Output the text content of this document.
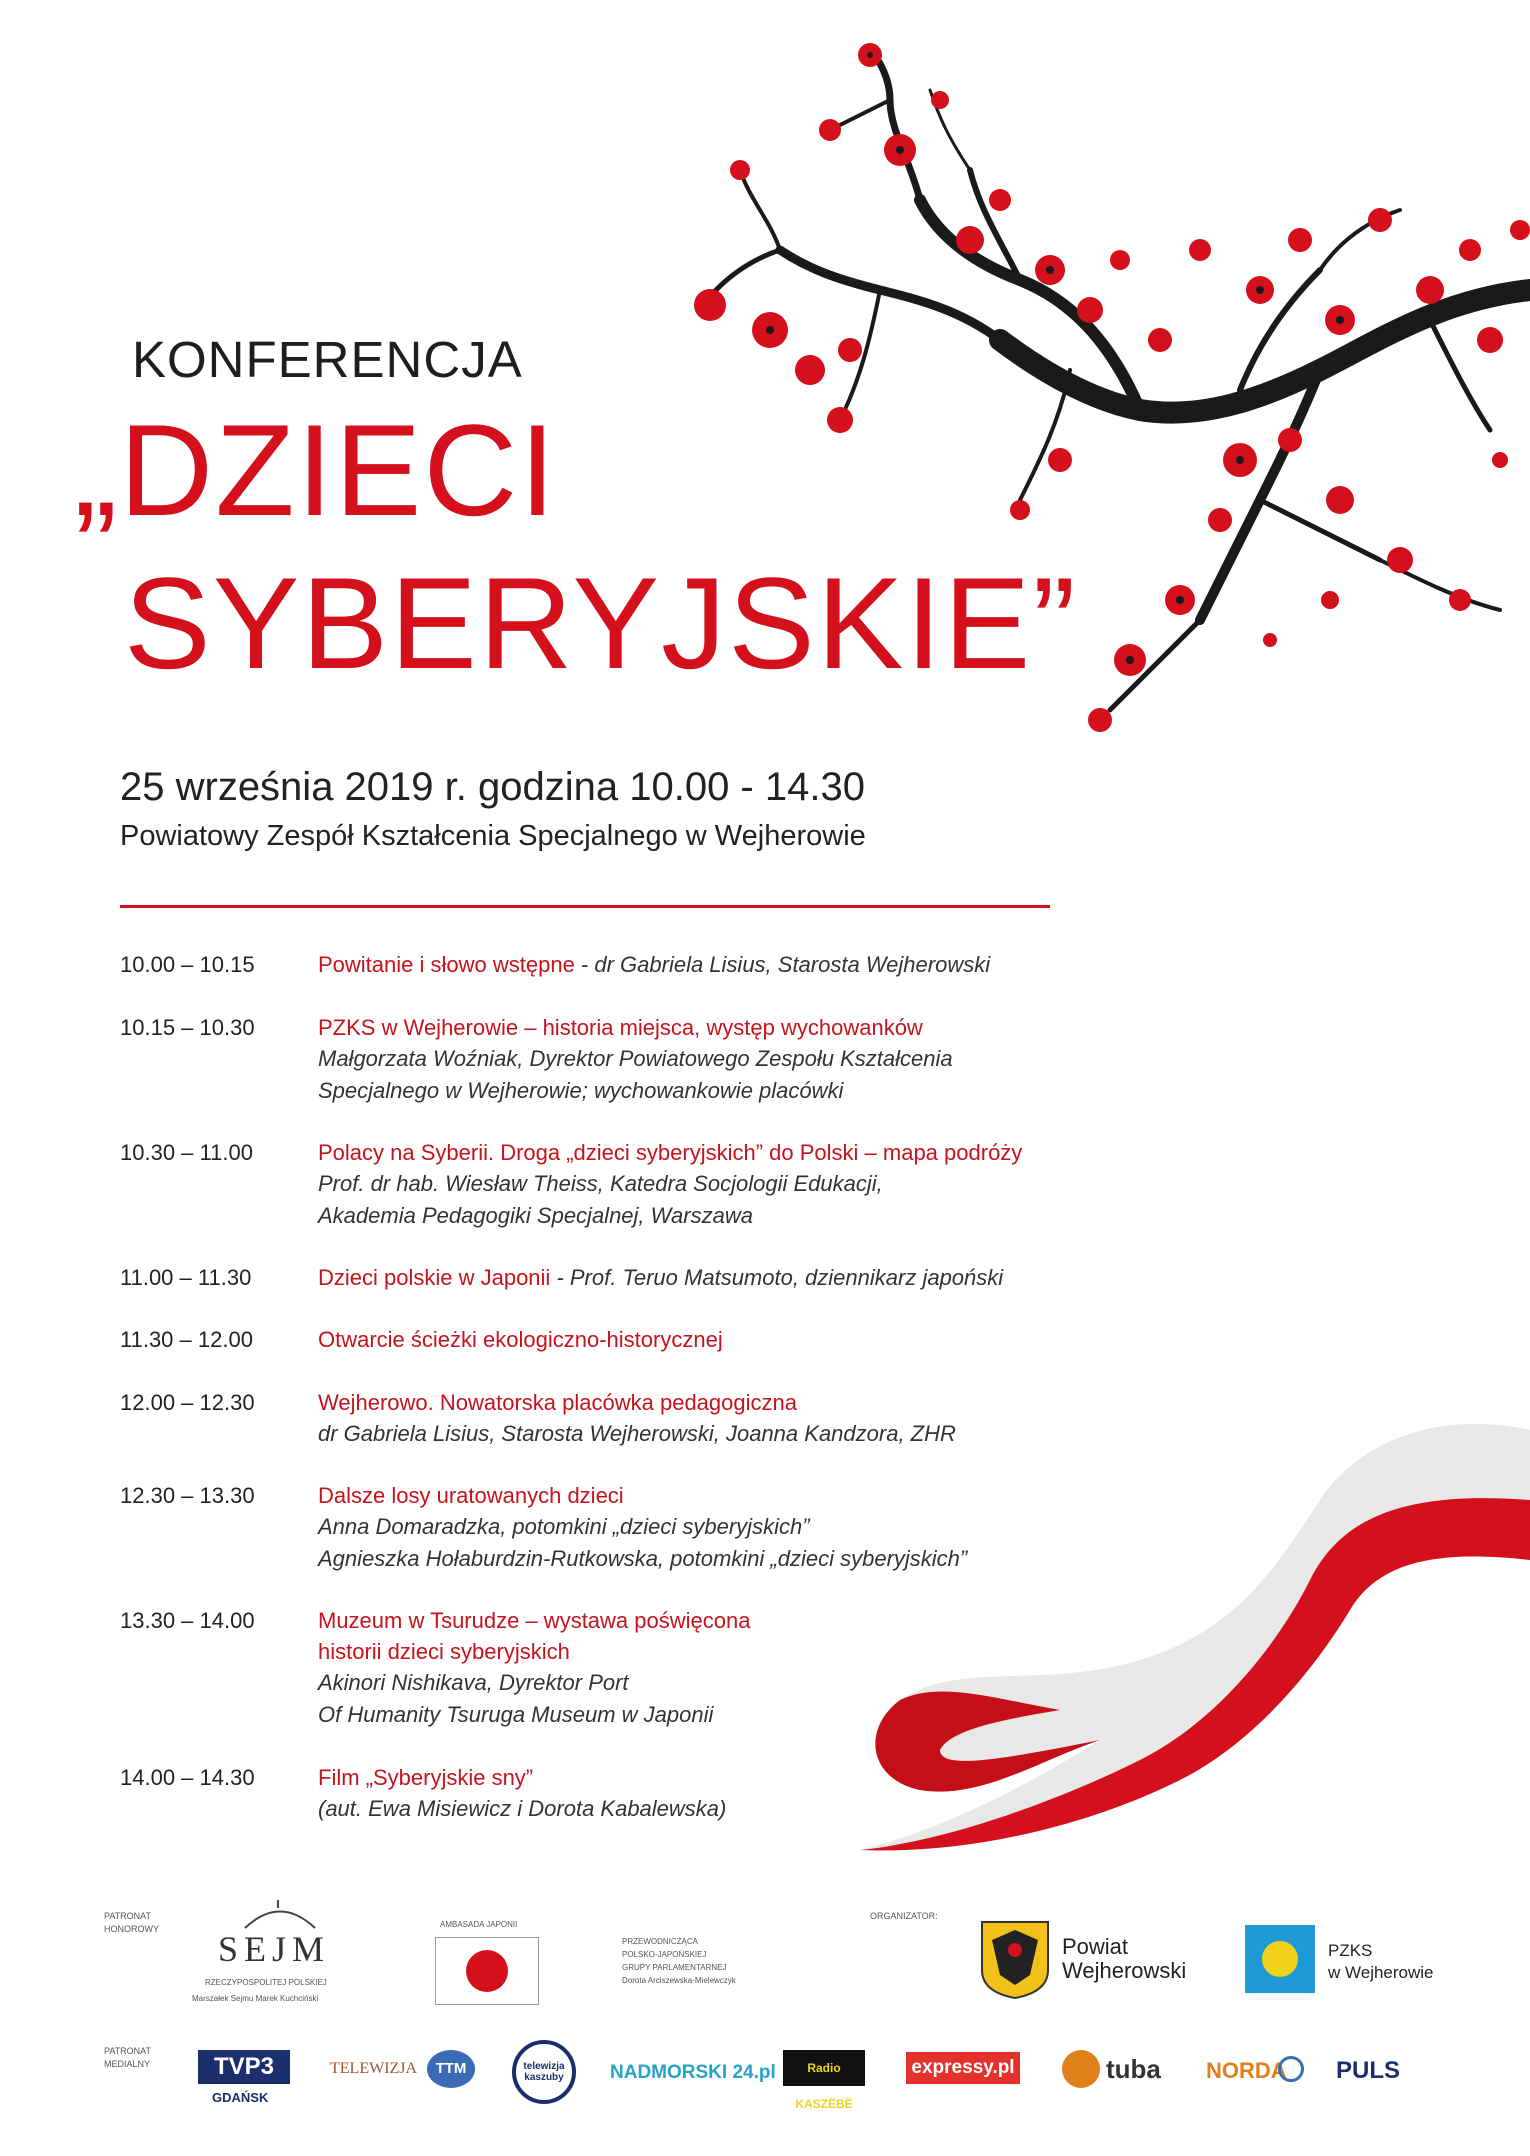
KONFERENCJA
„DZIECI
SYBERYJSKIE”
25 września 2019 r. godzina 10.00 - 14.30
Powiatowy Zespół Kształcenia Specjalnego w Wejherowie
10.00 – 10.15	Powitanie i słowo wstępne - dr Gabriela Lisius, Starosta Wejherowski
10.15 – 10.30	PZKS w Wejherowie – historia miejsca, występ wychowanków
Małgorzata Woźniak, Dyrektor Powiatowego Zespołu Kształcenia
Specjalnego w Wejherowie; wychowankowie placówki
10.30 – 11.00	Polacy na Syberii. Droga „dzieci syberyjskich” do Polski – mapa podróży
Prof. dr hab. Wiesław Theiss, Katedra Socjologii Edukacji,
Akademia Pedagogiki Specjalnej, Warszawa
11.00 – 11.30	Dzieci polskie w Japonii - Prof. Teruo Matsumoto, dziennikarz japoński
11.30 – 12.00	Otwarcie ścieżki ekologiczno-historycznej
12.00 – 12.30	Wejherowo. Nowatorska placówka pedagogiczna
dr Gabriela Lisius, Starosta Wejherowski, Joanna Kandzora, ZHR
12.30 – 13.30	Dalsze losy uratowanych dzieci
Anna Domaradzka, potomkini „dzieci syberyjskich”
Agnieszka Hołaburdzin-Rutkowska, potomkini „dzieci syberyjskich”
13.30 – 14.00	Muzeum w Tsurudze – wystawa poświęcona
historii dzieci syberyjskich
Akinori Nishikava, Dyrektor Port
Of Humanity Tsuruga Museum w Japonii
14.00 – 14.30	Film „Syberyjskie sny”
(aut. Ewa Misiewicz i Dorota Kabalewska)
PATRONAT
HONOROWY SEJM
RZECZYPOSPOLITEJ POLSKIEJ
Marszałek Sejmu Marek Kuchciński
AMBASADA JAPONII
PRZEWODNICZĄCA
POLSKO-JAPOŃSKIEJ
GRUPY PARLAMENTARNEJ
Dorota Arciszewska-Mielewczyk
ORGANIZATOR:
Powiat
Wejherowski
PZKS
w Wejherowie
PATRONAT
MEDIALNY	TVP3
GDAŃSK
TELEWIZJA	TTM	telewizja kaszuby	NADMORSKI 24.pl	Radio KASZËBË
expressy.pl	tuba NORDA PULS
